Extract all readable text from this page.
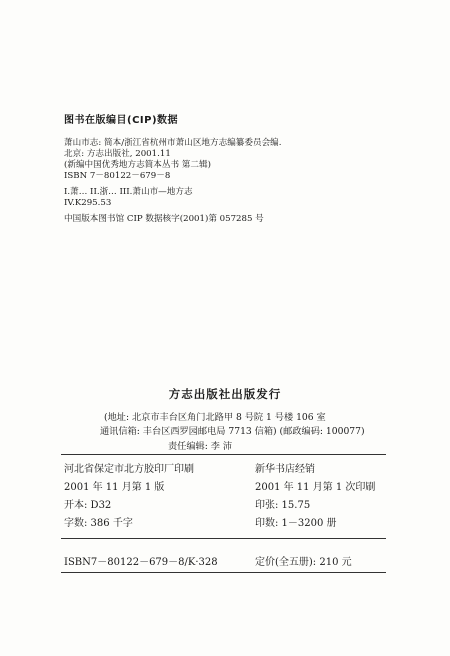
图书在版编目(CIP)数据
萧山市志: 简本/浙江省杭州市萧山区地方志编纂委员会编.
北京: 方志出版社, 2001.11
(新编中国优秀地方志简本丛书 第二辑)
ISBN 7－80122－679－8
I.萧… II.浙… III.萧山市—地方志
IV.K295.53
中国版本图书馆 CIP 数据核字(2001)第 057285 号
方志出版社出版发行
(地址: 北京市丰台区角门北路甲 8 号院 1 号楼 106 室
通讯信箱: 丰台区西罗园邮电局 7713 信箱) (邮政编码: 100077)
责任编辑: 李 沛
河北省保定市北方胶印厂印刷	新华书店经销
2001 年 11 月第 1 版	2001 年 11 月第 1 次印刷
开本: D32	印张: 15.75
字数: 386 千字	印数: 1－3200 册
ISBN7－80122－679－8/K·328	定价(全五册): 210 元
